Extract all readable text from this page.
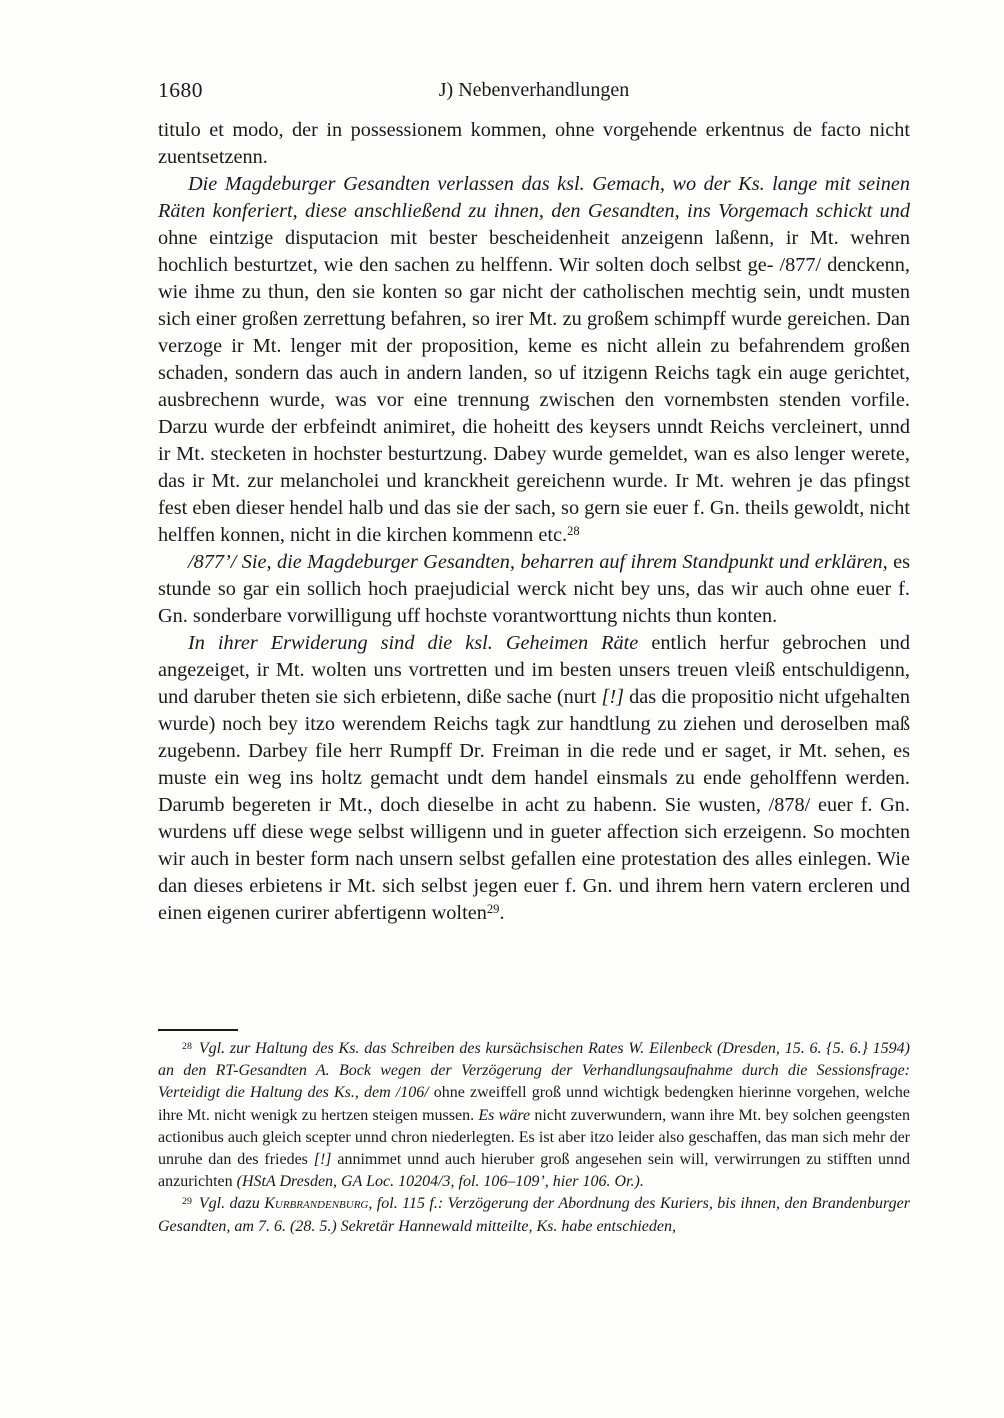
1680	J) Nebenverhandlungen

titulo et modo, der in possessionem kommen, ohne vorgehende erkentnus de facto nicht zuentsetzenn.

Die Magdeburger Gesandten verlassen das ksl. Gemach, wo der Ks. lange mit seinen Räten konferiert, diese anschließend zu ihnen, den Gesandten, ins Vorgemach schickt und ohne eintzige disputacion mit bester bescheidenheit anzeigenn laßenn, ir Mt. wehren hochlich besturtzet, wie den sachen zu helffenn. Wir solten doch selbst ge- /877/ denckenn, wie ihme zu thun, den sie konten so gar nicht der catholischen mechtig sein, undt musten sich einer großen zerrettung befahren, so irer Mt. zu großem schimpff wurde gereichen. Dan verzoge ir Mt. lenger mit der proposition, keme es nicht allein zu befahrendem großen schaden, sondern das auch in andern landen, so uf itzigenn Reichs tagk ein auge gerichtet, ausbrechenn wurde, was vor eine trennung zwischen den vornembsten stenden vorfile. Darzu wurde der erbfeindt animiret, die hoheitt des keysers unndt Reichs vercleinert, unnd ir Mt. stecketen in hochster besturtzung. Dabey wurde gemeldet, wan es also lenger werete, das ir Mt. zur melancholei und kranckheit gereichenn wurde. Ir Mt. wehren je das pfingst fest eben dieser hendel halb und das sie der sach, so gern sie euer f. Gn. theils gewoldt, nicht helffen konnen, nicht in die kirchen kommenn etc.$^{28}$

/877’/ Sie, die Magdeburger Gesandten, beharren auf ihrem Standpunkt und erklären, es stunde so gar ein sollich hoch praejudicial werck nicht bey uns, das wir auch ohne euer f. Gn. sonderbare vorwilligung uff hochste vorantworttung nichts thun konten.

In ihrer Erwiderung sind die ksl. Geheimen Räte entlich herfur gebrochen und angezeiget, ir Mt. wolten uns vortretten und im besten unsers treuen vleiß entschuldigenn, und daruber theten sie sich erbietenn, diße sache (nurt [!] das die propositio nicht ufgehalten wurde) noch bey itzo werendem Reichs tagk zur handtlung zu ziehen und deroselben maß zugebenn. Darbey file herr Rumpff Dr. Freiman in die rede und er saget, ir Mt. sehen, es muste ein weg ins holtz gemacht undt dem handel einsmals zu ende geholffenn werden. Darumb begereten ir Mt., doch dieselbe in acht zu habenn. Sie wusten, /878/ euer f. Gn. wurdens uff diese wege selbst willigenn und in gueter affection sich erzeigenn. So mochten wir auch in bester form nach unsern selbst gefallen eine protestation des alles einlegen. Wie dan dieses erbietens ir Mt. sich selbst jegen euer f. Gn. und ihrem hern vatern ercleren und einen eigenen curirer abfertigenn wolten$^{29}$.

$^{28}$ Vgl. zur Haltung des Ks. das Schreiben des kursächsischen Rates W. Eilenbeck (Dresden, 15. 6. {5. 6.} 1594) an den RT-Gesandten A. Bock wegen der Verzögerung der Verhandlungsaufnahme durch die Sessionsfrage: Verteidigt die Haltung des Ks., dem /106/ ohne zweiffell groß unnd wichtigk bedengken hierinne vorgehen, welche ihre Mt. nicht wenigk zu hertzen steigen mussen. Es wäre nicht zuverwundern, wann ihre Mt. bey solchen geengsten actionibus auch gleich scepter unnd chron niederlegten. Es ist aber itzo leider also geschaffen, das man sich mehr der unruhe dan des friedes [!] annimmet unnd auch hieruber groß angesehen sein will, verwirrungen zu stifften unnd anzurichten (HStA Dresden, GA Loc. 10204/3, fol. 106–109’, hier 106. Or.).

$^{29}$ Vgl. dazu Kurbrandenburg, fol. 115 f.: Verzögerung der Abordnung des Kuriers, bis ihnen, den Brandenburger Gesandten, am 7. 6. (28. 5.) Sekretär Hannewald mitteilte, Ks. habe entschieden,
